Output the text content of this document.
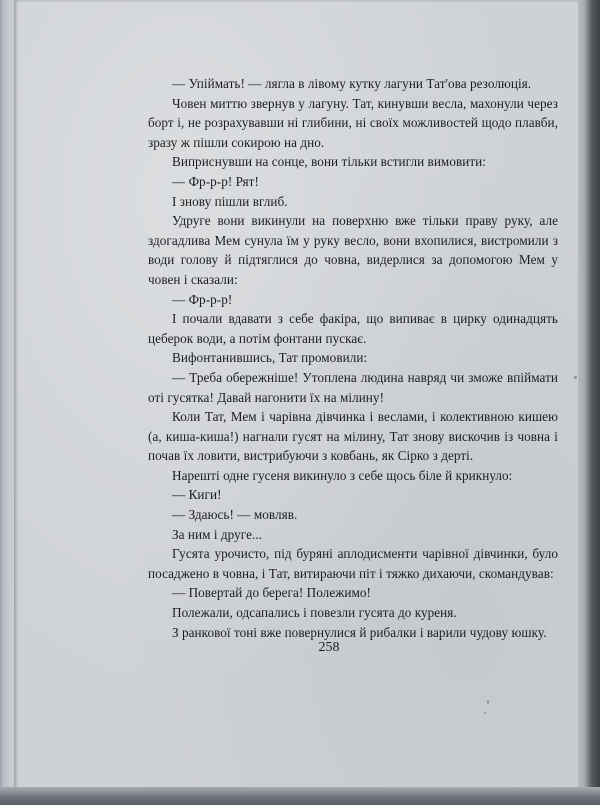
— Упіймать! — лягла в лівому кутку лагуни Тат'ова резолюція.

Човен миттю звернув у лагуну. Тат, кинувши весла, махонули через борт і, не розрахувавши ні глибини, ні своїх можливостей щодо плавби, зразу ж пішли сокирою на дно.

Виприснувши на сонце, вони тільки встигли вимовити:

— Фр-р-р! Рят!

І знову пішли вглиб.

Удруге вони викинули на поверхню вже тільки праву руку, але здогадлива Мем сунула їм у руку весло, вони вхопилися, вистромили з води голову й підтяглися до човна, видерлися за допомогою Мем у човен і сказали:

— Фр-р-р!

І почали вдавати з себе факіра, що випиває в цирку одинадцять цеберок води, а потім фонтани пускає.

Вифонтанившись, Тат промовили:

— Треба обережніше! Утоплена людина навряд чи зможе впіймати оті гусятка! Давай нагонити їх на мілину!

Коли Тат, Мем і чарівна дівчинка і веслами, і колективною кишею (а, киша-киша!) нагнали гусят на мілину, Тат знову вискочив із човна і почав їх ловити, вистрибуючи з ковбань, як Сірко з дерті.

Нарешті одне гусеня викинуло з себе щось біле й крикнуло:

— Киги!

— Здаюсь! — мовляв.

За ним і друге...

Гусята урочисто, під буряні аплодисменти чарівної дівчинки, було посаджено в човна, і Тат, витираючи піт і тяжко дихаючи, скомандував:

— Повертай до берега! Полежимо!

Полежали, одсапались і повезли гусята до куреня.

З ранкової тоні вже повернулися й рибалки і варили чудову юшку.

258
